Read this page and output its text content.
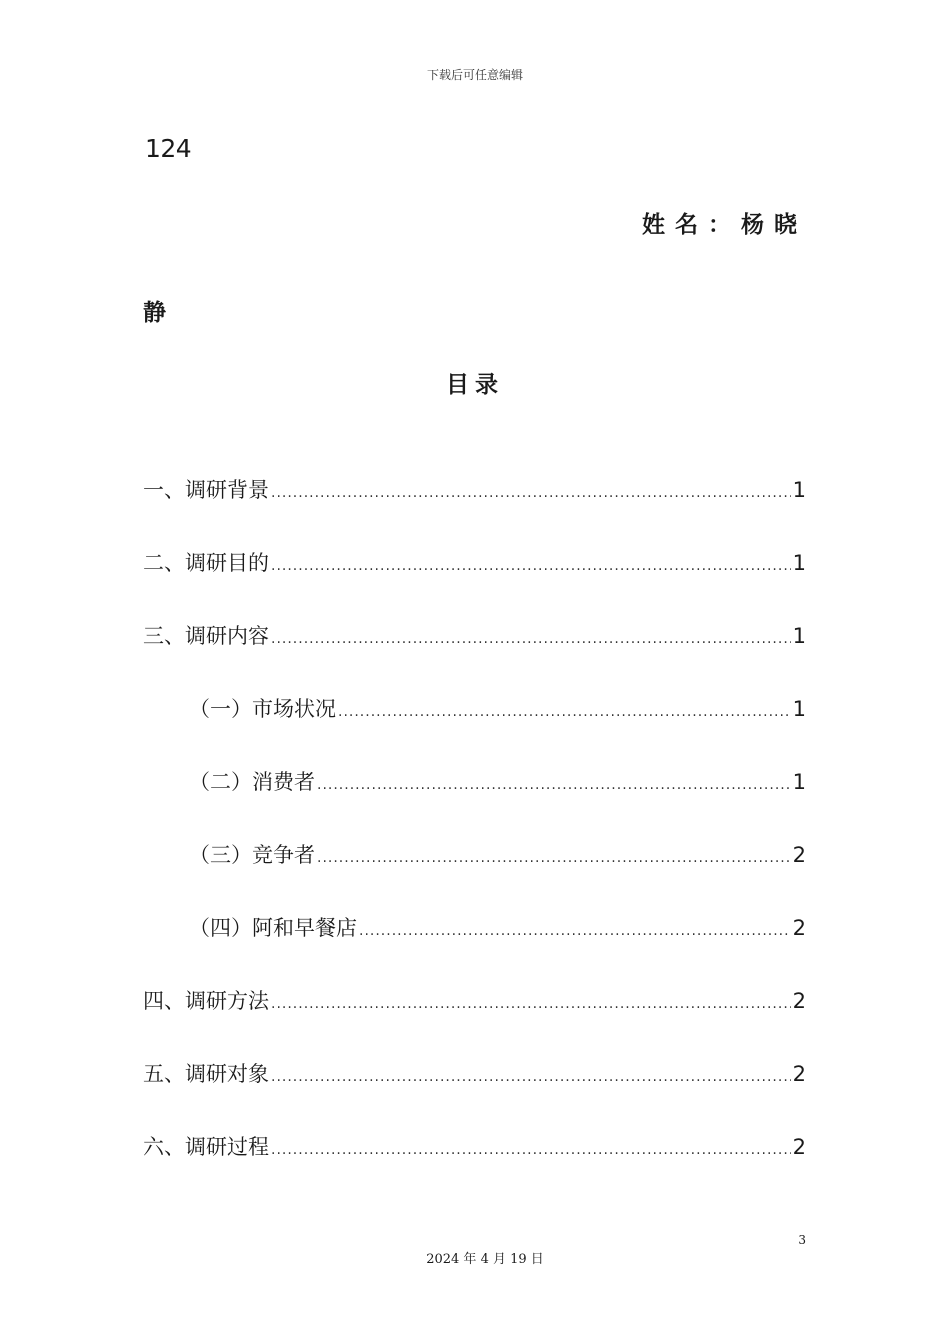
下载后可任意编辑
124
姓名：杨晓
静
目录
一、调研背景 .....	1
二、调研目的 .....	1
三、调研内容 .....	1
（一）市场状况 .....	1
（二）消费者 .....	1
（三）竞争者 .....	2
（四）阿和早餐店 .....	2
四、调研方法 .....	2
五、调研对象 .....	2
六、调研过程 .....	2
3
2024 年 4 月 19 日
